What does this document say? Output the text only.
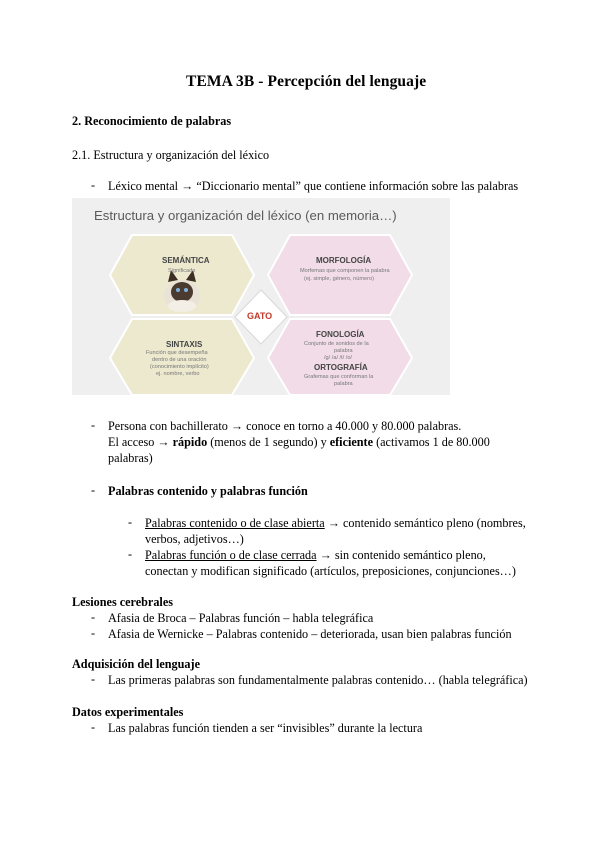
TEMA 3B - Percepción del lenguaje
2. Reconocimiento de palabras
2.1. Estructura y organización del léxico
- Léxico mental → “Diccionario mental” que contiene información sobre las palabras
Estructura y organización del léxico (en memoria…)
SEMÁNTICA
Significado
MORFOLOGÍA
Morfemas que componen la palabra
(ej. simple, género, número)
GATO
SINTAXIS
Función que desempeña
dentro de una oración
(conocimiento implícito)
ej. nombre, verbo
FONOLOGÍA
Conjunto de sonidos de la
palabra
/g/ /a/ /t/ /o/
ORTOGRAFÍA
Grafemas que conforman la
palabra
- Persona con bachillerato → conoce en torno a 40.000 y 80.000 palabras.
El acceso → rápido (menos de 1 segundo) y eficiente (activamos 1 de 80.000
palabras)
- Palabras contenido y palabras función
- Palabras contenido o de clase abierta → contenido semántico pleno (nombres,
verbos, adjetivos…)
- Palabras función o de clase cerrada → sin contenido semántico pleno,
conectan y modifican significado (artículos, preposiciones, conjunciones…)
Lesiones cerebrales
- Afasia de Broca – Palabras función – habla telegráfica
- Afasia de Wernicke – Palabras contenido – deteriorada, usan bien palabras función
Adquisición del lenguaje
- Las primeras palabras son fundamentalmente palabras contenido… (habla telegráfica)
Datos experimentales
- Las palabras función tienden a ser “invisibles” durante la lectura
